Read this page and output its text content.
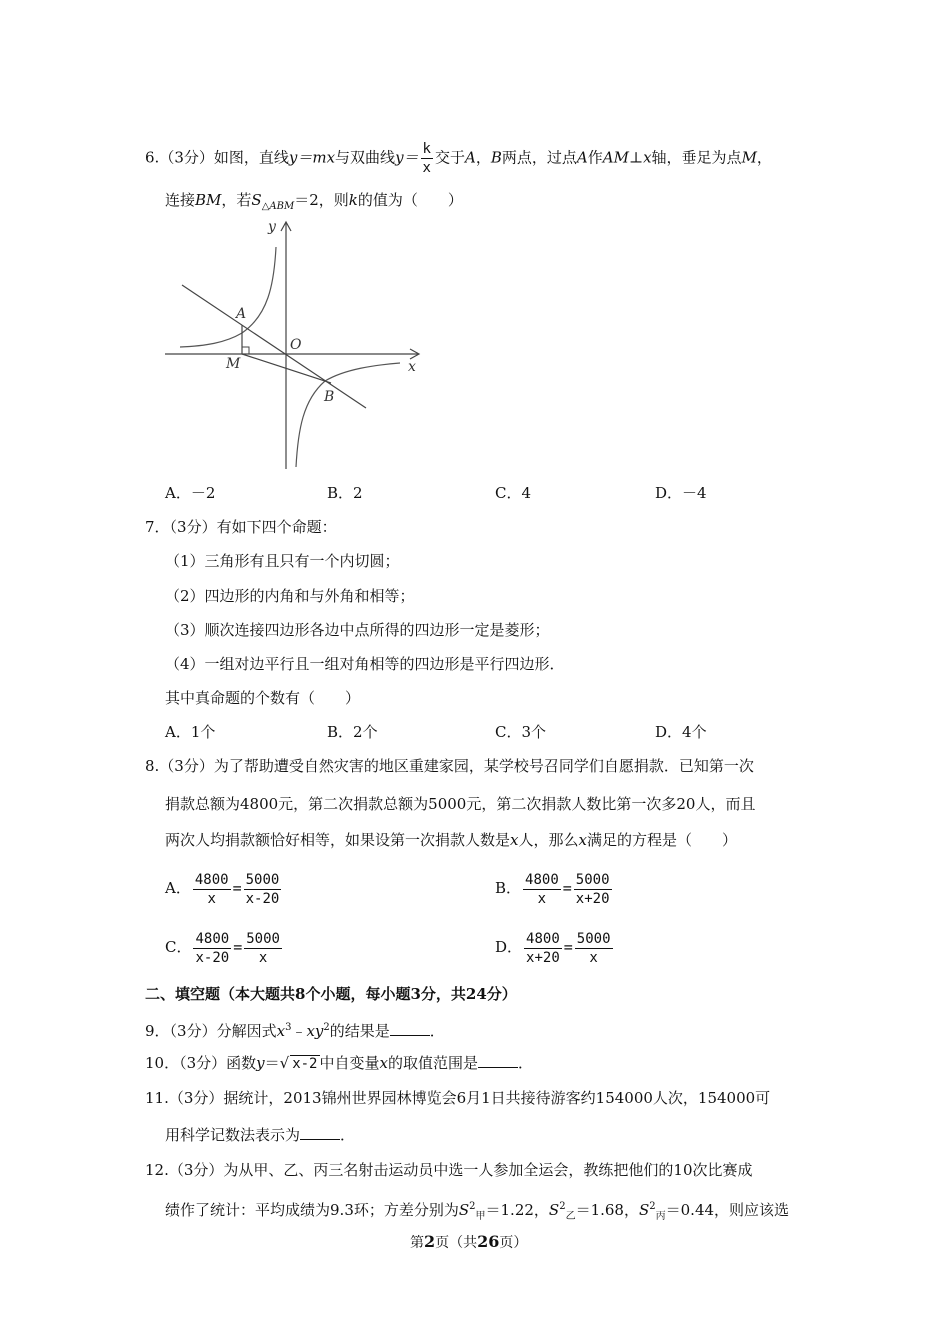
6.（3分）如图，直线y＝mx与双曲线$y= \frac{k}{x}$ 交于A，B两点，过点A作AM⊥x轴，垂足为点M，
连接BM，若$S_{\triangle ABM}=2$，则k的值为（　　）
y
x
O
A
M
B
A．－2	B．2	C．4	D．－4
7．（3分）有如下四个命题：
（1）三角形有且只有一个内切圆；
（2）四边形的内角和与外角和相等；
（3）顺次连接四边形各边中点所得的四边形一定是菱形；
（4）一组对边平行且一组对角相等的四边形是平行四边形．
其中真命题的个数有（　　）
A．1个	B．2个	C．3个	D．4个
8.（3分）为了帮助遭受自然灾害的地区重建家园，某学校号召同学们自愿捐款．已知第一次
捐款总额为4800元，第二次捐款总额为5000元，第二次捐款人数比第一次多20人，而且
两次人均捐款额恰好相等，如果设第一次捐款人数是x人，那么x满足的方程是（　　）
A． $\frac{4800}{x} = \frac{5000}{x-20}$	B． $\frac{4800}{x} = \frac{5000}{x+20}$
C． $\frac{4800}{x-20} = \frac{5000}{x}$	D． $\frac{4800}{x+20} = \frac{5000}{x}$
二、填空题（本大题共8个小题，每小题3分，共24分）
9．（3分）分解因式$x^3﹣xy^2$的结果是	．
10．（3分）函数y＝√ x-2 中自变量x的取值范围是	．
11.（3分）据统计，2013锦州世界园林博览会6月1日共接待游客约154000人次，154000可
用科学记数法表示为	．
12.（3分）为从甲、乙、丙三名射击运动员中选一人参加全运会，教练把他们的10次比赛成
绩作了统计：平均成绩为9.3环；方差分别为$S^2_甲=1.22$，$S^2_乙=1.68$，$S^2_丙=0.44$，则应该选
第2页（共26页）
